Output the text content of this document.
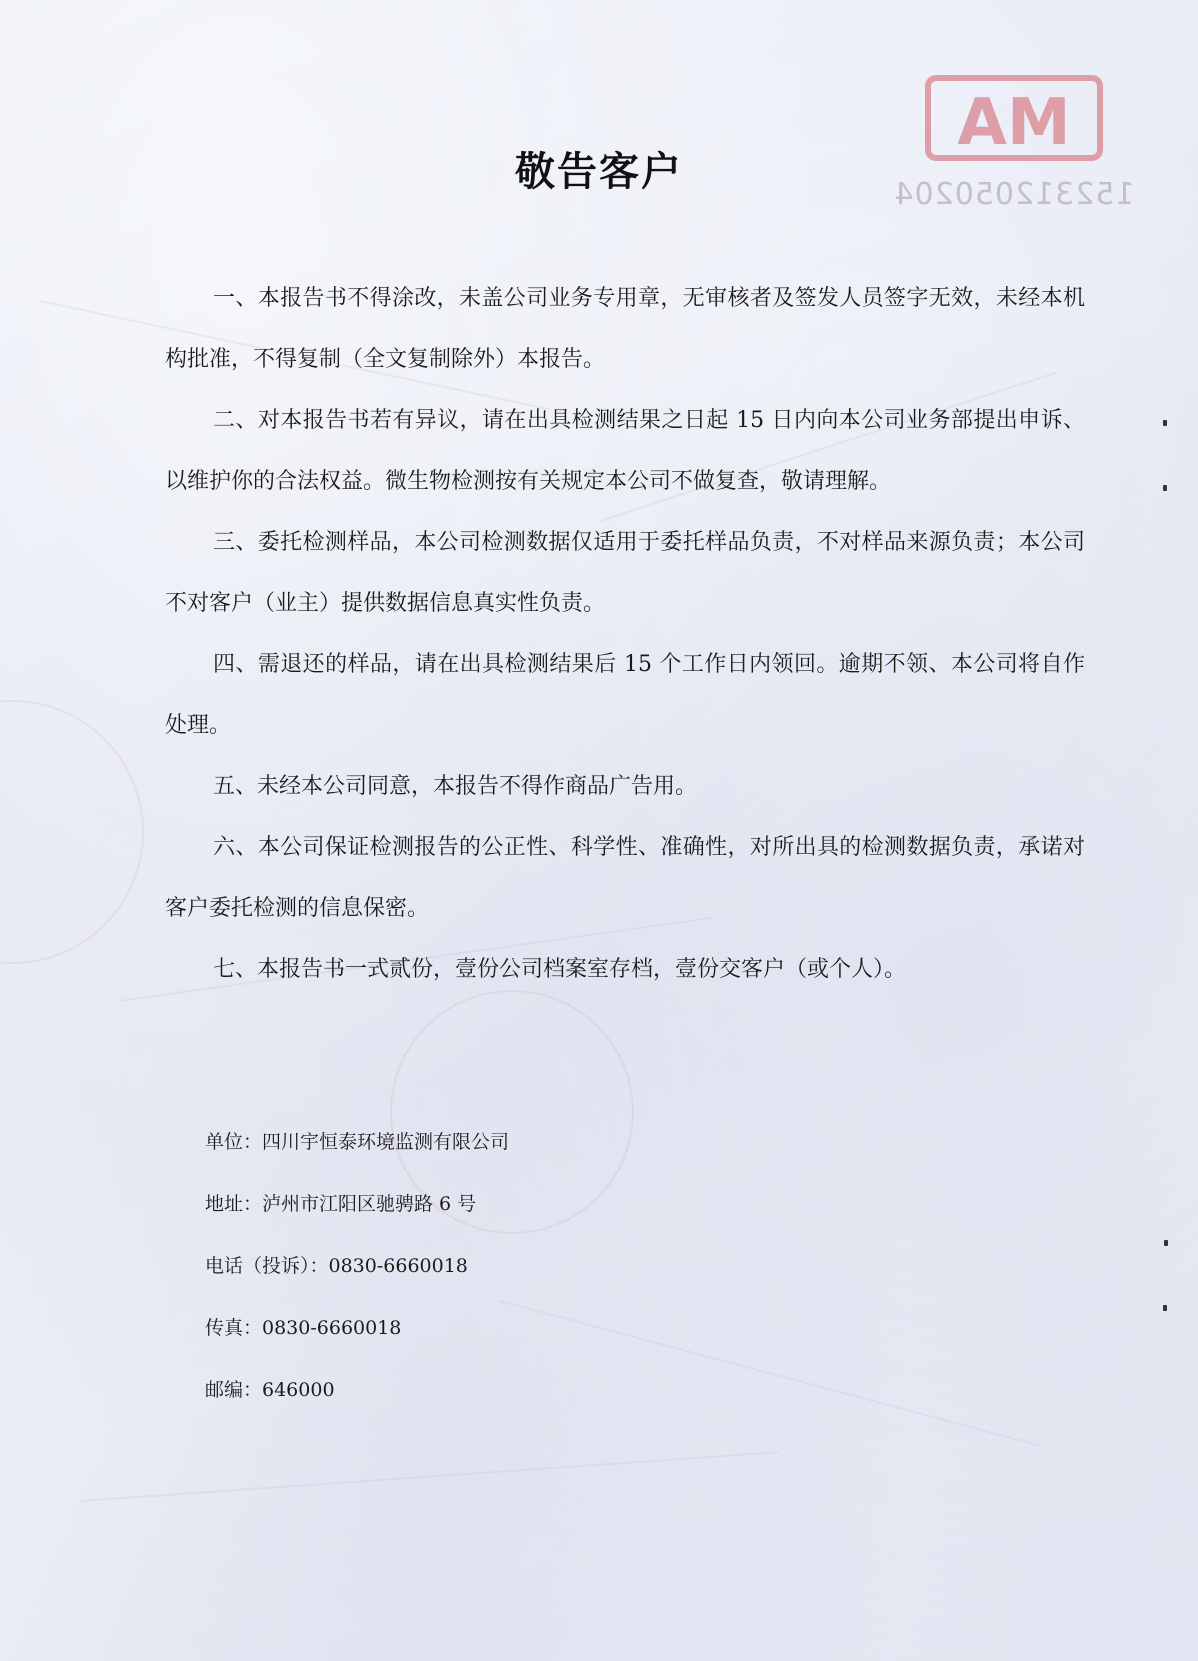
MA
152312050204
敬告客户

一、本报告书不得涂改，未盖公司业务专用章，无审核者及签发人员签字无效，未经本机构批准，不得复制（全文复制除外）本报告。

二、对本报告书若有异议，请在出具检测结果之日起 15 日内向本公司业务部提出申诉、以维护你的合法权益。微生物检测按有关规定本公司不做复查，敬请理解。

三、委托检测样品，本公司检测数据仅适用于委托样品负责，不对样品来源负责；本公司不对客户（业主）提供数据信息真实性负责。

四、需退还的样品，请在出具检测结果后 15 个工作日内领回。逾期不领、本公司将自作处理。

五、未经本公司同意，本报告不得作商品广告用。

六、本公司保证检测报告的公正性、科学性、准确性，对所出具的检测数据负责，承诺对客户委托检测的信息保密。

七、本报告书一式贰份，壹份公司档案室存档，壹份交客户（或个人）。

单位：四川宇恒泰环境监测有限公司
地址：泸州市江阳区驰骋路 6 号
电话（投诉）：0830-6660018
传真：0830-6660018
邮编：646000
